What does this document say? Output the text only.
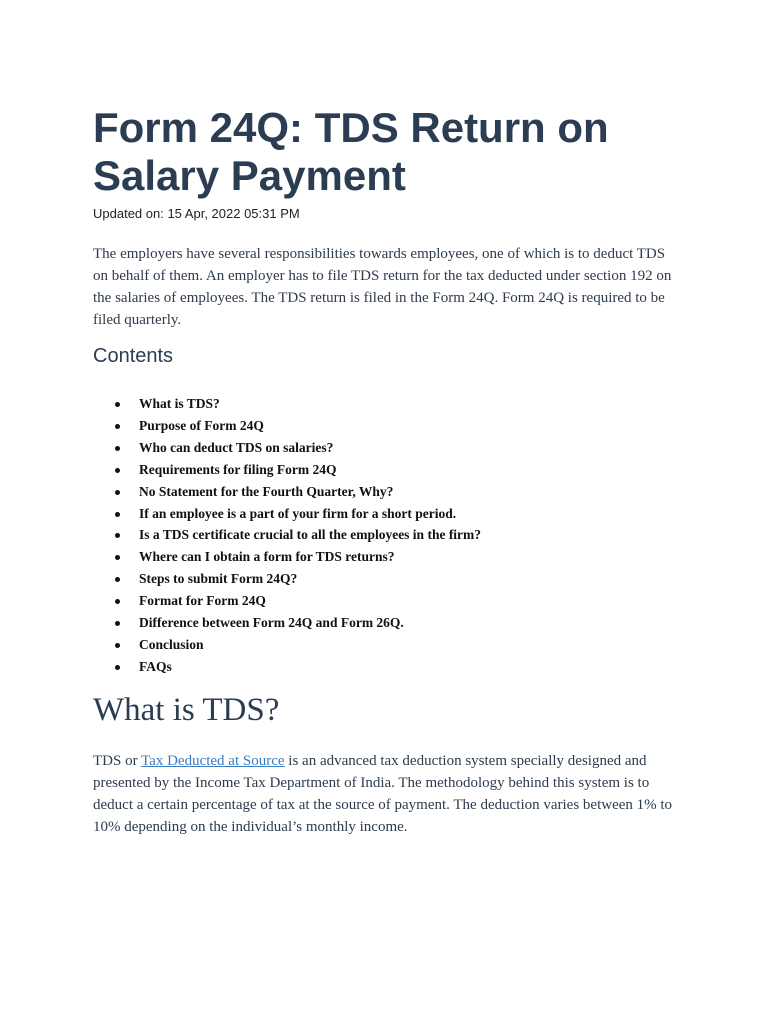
Form 24Q: TDS Return on Salary Payment
Updated on: 15 Apr, 2022 05:31 PM

The employers have several responsibilities towards employees, one of which is to deduct TDS on behalf of them. An employer has to file TDS return for the tax deducted under section 192 on the salaries of employees. The TDS return is filed in the Form 24Q. Form 24Q is required to be filed quarterly.

Contents
What is TDS?
Purpose of Form 24Q
Who can deduct TDS on salaries?
Requirements for filing Form 24Q
No Statement for the Fourth Quarter, Why?
If an employee is a part of your firm for a short period.
Is a TDS certificate crucial to all the employees in the firm?
Where can I obtain a form for TDS returns?
Steps to submit Form 24Q?
Format for Form 24Q
Difference between Form 24Q and Form 26Q.
Conclusion
FAQs
What is TDS?

TDS or Tax Deducted at Source is an advanced tax deduction system specially designed and presented by the Income Tax Department of India. The methodology behind this system is to deduct a certain percentage of tax at the source of payment. The deduction varies between 1% to 10% depending on the individual’s monthly income.
